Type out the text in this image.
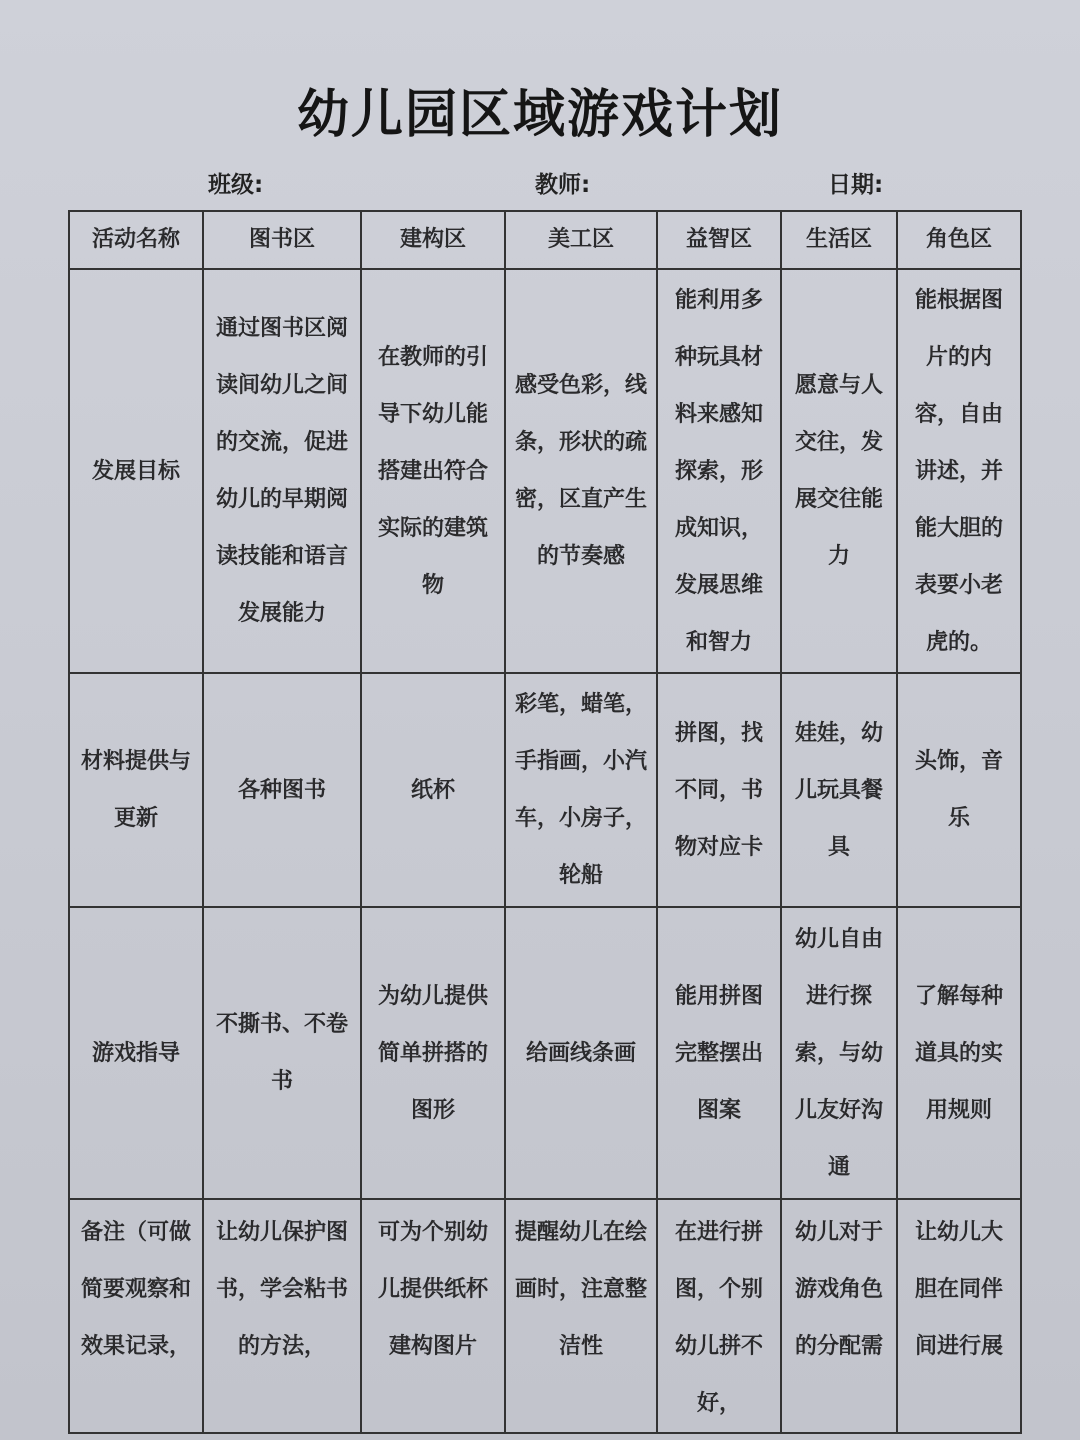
幼儿园区域游戏计划
班级:	教师:	日期:
活动名称	图书区	建构区	美工区	益智区	生活区	角色区
发展目标	通过图书区阅读间幼儿之间的交流，促进幼儿的早期阅读技能和语言发展能力	在教师的引导下幼儿能搭建出符合实际的建筑物	感受色彩，线条，形状的疏密，区直产生的节奏感	能利用多种玩具材料来感知探索，形成知识，发展思维和智力	愿意与人交往，发展交往能力	能根据图片的内容，自由讲述，并能大胆的表要小老虎的。
材料提供与更新	各种图书	纸杯	彩笔，蜡笔，手指画，小汽车，小房子，轮船	拼图，找不同，书物对应卡	娃娃，幼儿玩具餐具	头饰，音乐
游戏指导	不撕书、不卷书	为幼儿提供简单拼搭的图形	给画线条画	能用拼图完整摆出图案	幼儿自由进行探索，与幼儿友好沟通	了解每种道具的实用规则
备注（可做简要观察和效果记录，	让幼儿保护图书，学会粘书的方法，	可为个别幼儿提供纸杯建构图片	提醒幼儿在绘画时，注意整洁性	在进行拼图，个别幼儿拼不好，	幼儿对于游戏角色的分配需	让幼儿大胆在同伴间进行展
